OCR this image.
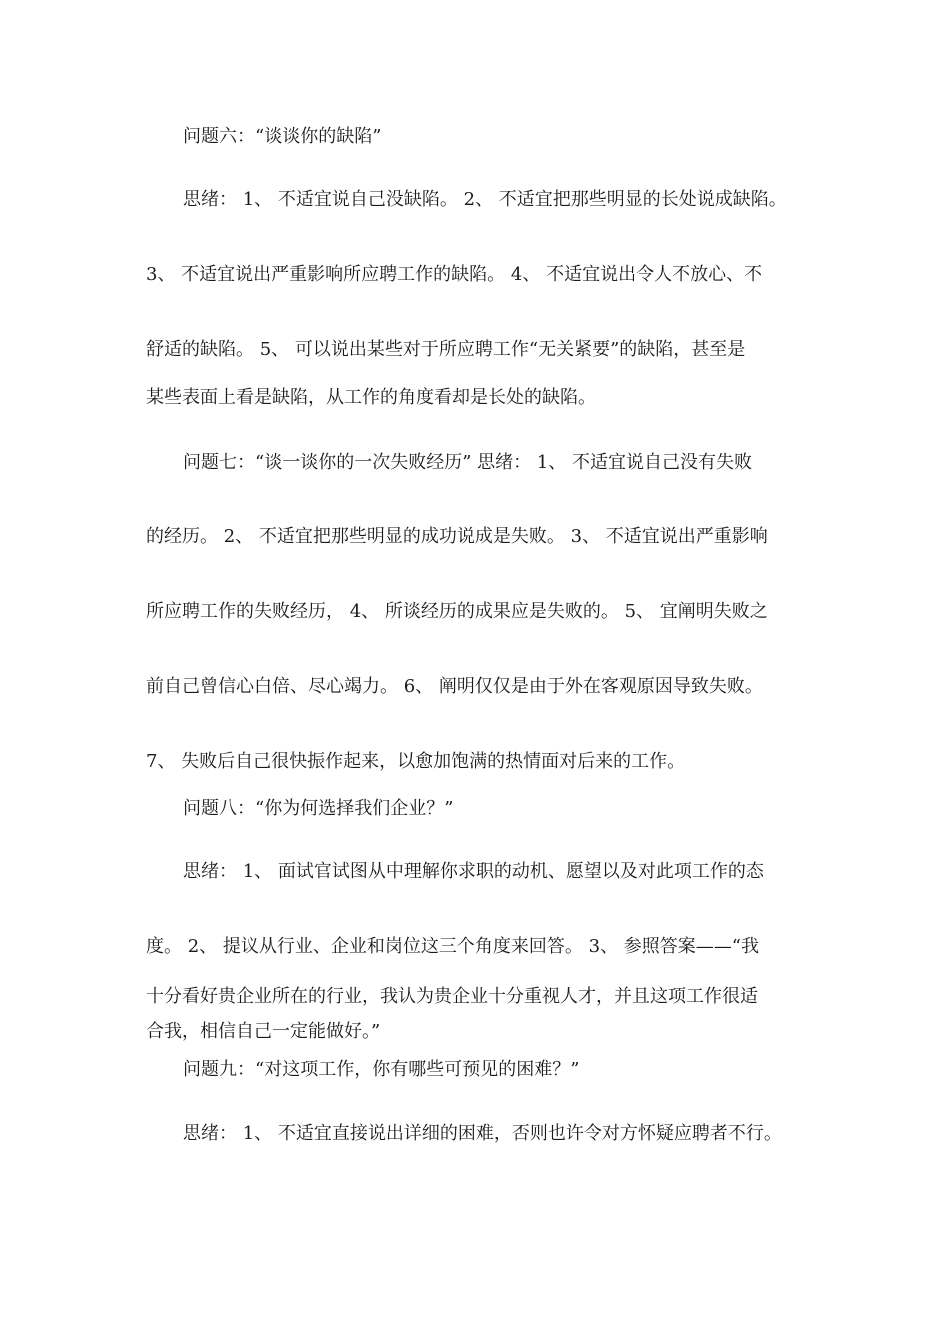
问题六：“谈谈你的缺陷”
思绪： 1、 不适宜说自己没缺陷。 2、 不适宜把那些明显的长处说成缺陷。
3、 不适宜说出严重影响所应聘工作的缺陷。 4、 不适宜说出令人不放心、不
舒适的缺陷。 5、 可以说出某些对于所应聘工作“无关紧要”的缺陷，甚至是
某些表面上看是缺陷，从工作的角度看却是长处的缺陷。
问题七：“谈一谈你的一次失败经历” 思绪： 1、 不适宜说自己没有失败
的经历。 2、 不适宜把那些明显的成功说成是失败。 3、 不适宜说出严重影响
所应聘工作的失败经历， 4、 所谈经历的成果应是失败的。 5、 宜阐明失败之
前自己曾信心白倍、尽心竭力。 6、 阐明仅仅是由于外在客观原因导致失败。
7、 失败后自己很快振作起来，以愈加饱满的热情面对后来的工作。
问题八：“你为何选择我们企业？”
思绪： 1、 面试官试图从中理解你求职的动机、愿望以及对此项工作的态
度。 2、 提议从行业、企业和岗位这三个角度来回答。 3、 参照答案——“我
十分看好贵企业所在的行业，我认为贵企业十分重视人才，并且这项工作很适
合我，相信自己一定能做好。”
问题九：“对这项工作，你有哪些可预见的困难？”
思绪： 1、 不适宜直接说出详细的困难，否则也许令对方怀疑应聘者不行。
